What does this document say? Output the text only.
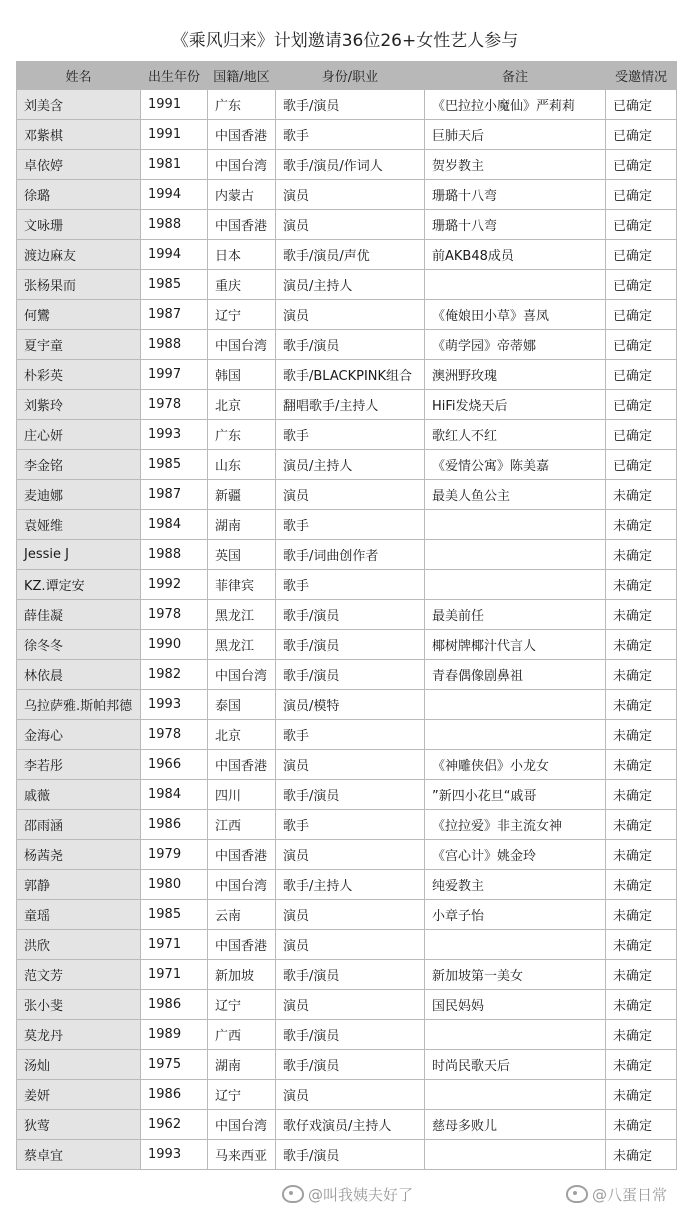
《乘风归来》计划邀请36位26+女性艺人参与
姓名	出生年份	国籍/地区	身份/职业	备注	受邀情况
刘美含	1991	广东	歌手/演员	《巴拉拉小魔仙》严莉莉	已确定
邓紫棋	1991	中国香港	歌手	巨肺天后	已确定
卓依婷	1981	中国台湾	歌手/演员/作词人	贺岁教主	已确定
徐璐	1994	内蒙古	演员	珊璐十八弯	已确定
文咏珊	1988	中国香港	演员	珊璐十八弯	已确定
渡边麻友	1994	日本	歌手/演员/声优	前AKB48成员	已确定
张杨果而	1985	重庆	演员/主持人		已确定
何鸞	1987	辽宁	演员	《俺娘田小草》喜凤	已确定
夏宇童	1988	中国台湾	歌手/演员	《萌学园》帝蒂娜	已确定
朴彩英	1997	韩国	歌手/BLACKPINK组合	澳洲野玫瑰	已确定
刘紫玲	1978	北京	翻唱歌手/主持人	HiFi发烧天后	已确定
庄心妍	1993	广东	歌手	歌红人不红	已确定
李金铭	1985	山东	演员/主持人	《爱情公寓》陈美嘉	已确定
麦迪娜	1987	新疆	演员	最美人鱼公主	未确定
袁娅维	1984	湖南	歌手		未确定
Jessie J	1988	英国	歌手/词曲创作者		未确定
KZ.谭定安	1992	菲律宾	歌手		未确定
薛佳凝	1978	黑龙江	歌手/演员	最美前任	未确定
徐冬冬	1990	黑龙江	歌手/演员	椰树牌椰汁代言人	未确定
林依晨	1982	中国台湾	歌手/演员	青春偶像剧鼻祖	未确定
乌拉萨雅.斯帕邦德	1993	泰国	演员/模特		未确定
金海心	1978	北京	歌手		未确定
李若彤	1966	中国香港	演员	《神雕侠侣》小龙女	未确定
戚薇	1984	四川	歌手/演员	”新四小花旦“戚哥	未确定
邵雨涵	1986	江西	歌手	《拉拉爱》非主流女神	未确定
杨茜尧	1979	中国香港	演员	《宫心计》姚金玲	未确定
郭静	1980	中国台湾	歌手/主持人	纯爱教主	未确定
童瑶	1985	云南	演员	小章子怡	未确定
洪欣	1971	中国香港	演员		未确定
范文芳	1971	新加坡	歌手/演员	新加坡第一美女	未确定
张小斐	1986	辽宁	演员	国民妈妈	未确定
莫龙丹	1989	广西	歌手/演员		未确定
汤灿	1975	湖南	歌手/演员	时尚民歌天后	未确定
姜妍	1986	辽宁	演员		未确定
狄莺	1962	中国台湾	歌仔戏演员/主持人	慈母多败儿	未确定
蔡卓宜	1993	马来西亚	歌手/演员		未确定
@叫我姨夫好了	@八蛋日常
